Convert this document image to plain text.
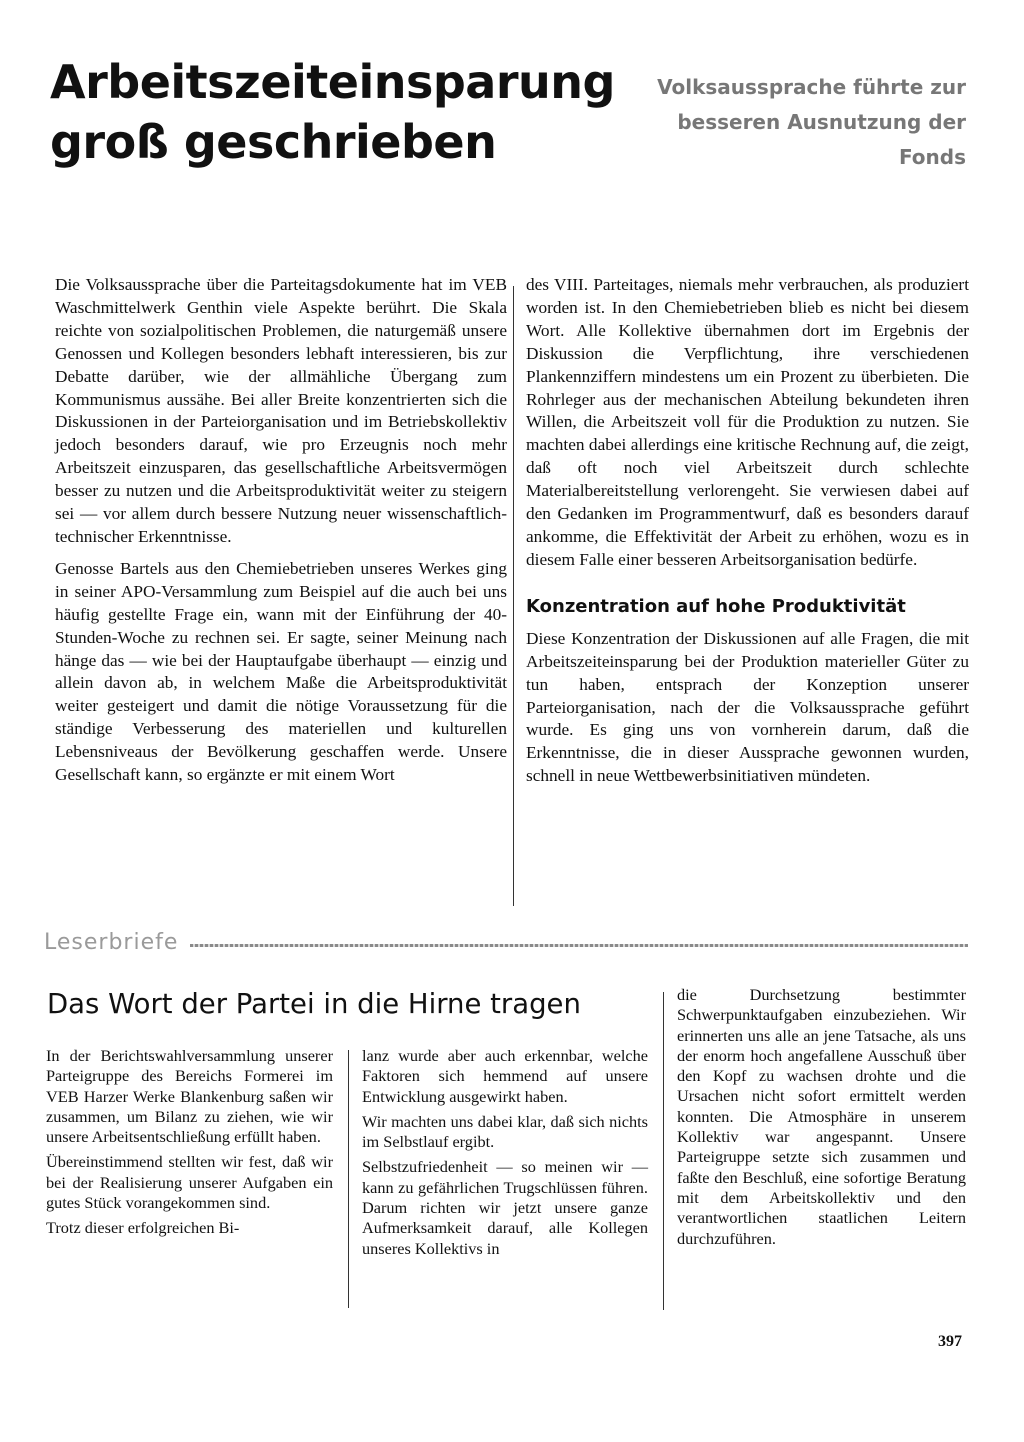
Arbeitszeiteinsparung groß geschrieben
Volksaussprache führte zur besseren Ausnutzung der Fonds

Die Volksaussprache über die Parteitagsdokumente hat im VEB Waschmittelwerk Genthin viele Aspekte berührt. Die Skala reichte von sozialpolitischen Problemen, die naturgemäß unsere Genossen und Kollegen besonders lebhaft interessieren, bis zur Debatte darüber, wie der allmähliche Übergang zum Kommunismus aussähe. Bei aller Breite konzentrierten sich die Diskussionen in der Parteiorganisation und im Betriebskollektiv jedoch besonders darauf, wie pro Erzeugnis noch mehr Arbeitszeit einzusparen, das gesellschaftliche Arbeitsvermögen besser zu nutzen und die Arbeitsproduktivität weiter zu steigern sei — vor allem durch bessere Nutzung neuer wissenschaftlich-technischer Erkenntnisse.

Genosse Bartels aus den Chemiebetrieben unseres Werkes ging in seiner APO-Versammlung zum Beispiel auf die auch bei uns häufig gestellte Frage ein, wann mit der Einführung der 40-Stunden-Woche zu rechnen sei. Er sagte, seiner Meinung nach hänge das — wie bei der Hauptaufgabe überhaupt — einzig und allein davon ab, in welchem Maße die Arbeitsproduktivität weiter gesteigert und damit die nötige Voraussetzung für die ständige Verbesserung des materiellen und kulturellen Lebensniveaus der Bevölkerung geschaffen werde. Unsere Gesellschaft kann, so ergänzte er mit einem Wort

des VIII. Parteitages, niemals mehr verbrauchen, als produziert worden ist. In den Chemiebetrieben blieb es nicht bei diesem Wort. Alle Kollektive übernahmen dort im Ergebnis der Diskussion die Verpflichtung, ihre verschiedenen Plankennziffern mindestens um ein Prozent zu überbieten. Die Rohrleger aus der mechanischen Abteilung bekundeten ihren Willen, die Arbeitszeit voll für die Produktion zu nutzen. Sie machten dabei allerdings eine kritische Rechnung auf, die zeigt, daß oft noch viel Arbeitszeit durch schlechte Materialbereitstellung verlorengeht. Sie verwiesen dabei auf den Gedanken im Programmentwurf, daß es besonders darauf ankomme, die Effektivität der Arbeit zu erhöhen, wozu es in diesem Falle einer besseren Arbeitsorganisation bedürfe.

Konzentration auf hohe Produktivität

Diese Konzentration der Diskussionen auf alle Fragen, die mit Arbeitszeiteinsparung bei der Produktion materieller Güter zu tun haben, entsprach der Konzeption unserer Parteiorganisation, nach der die Volksaussprache geführt wurde. Es ging uns von vornherein darum, daß die Erkenntnisse, die in dieser Aussprache gewonnen wurden, schnell in neue Wettbewerbsinitiativen mündeten.

Leserbriefe
Das Wort der Partei in die Hirne tragen

In der Berichtswahlversammlung unserer Parteigruppe des Bereichs Formerei im VEB Harzer Werke Blankenburg saßen wir zusammen, um Bilanz zu ziehen, wie wir unsere Arbeitsentschließung erfüllt haben.

Übereinstimmend stellten wir fest, daß wir bei der Realisierung unserer Aufgaben ein gutes Stück vorangekommen sind.

Trotz dieser erfolgreichen Bi-

lanz wurde aber auch erkennbar, welche Faktoren sich hemmend auf unsere Entwicklung ausgewirkt haben.

Wir machten uns dabei klar, daß sich nichts im Selbstlauf ergibt.

Selbstzufriedenheit — so meinen wir — kann zu gefährlichen Trugschlüssen führen. Darum richten wir jetzt unsere ganze Aufmerksamkeit darauf, alle Kollegen unseres Kollektivs in

die Durchsetzung bestimmter Schwerpunktaufgaben einzubeziehen. Wir erinnerten uns alle an jene Tatsache, als uns der enorm hoch angefallene Ausschuß über den Kopf zu wachsen drohte und die Ursachen nicht sofort ermittelt werden konnten. Die Atmosphäre in unserem Kollektiv war angespannt. Unsere Parteigruppe setzte sich zusammen und faßte den Beschluß, eine sofortige Beratung mit dem Arbeitskollektiv und den verantwortlichen staatlichen Leitern durchzuführen.

397
